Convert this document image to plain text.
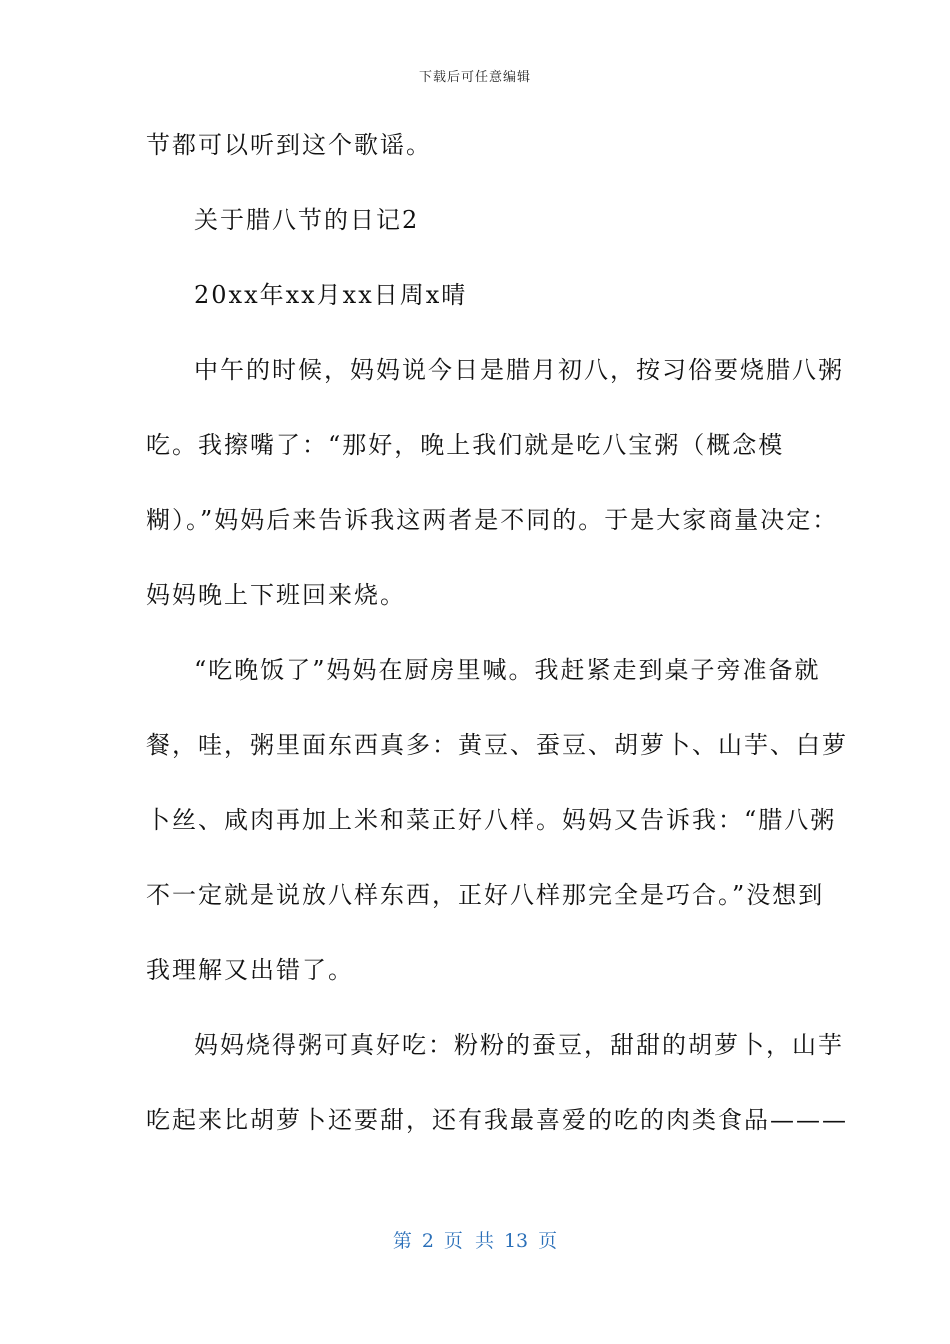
下载后可任意编辑
节都可以听到这个歌谣。
关于腊八节的日记2
20xx年xx月xx日周x晴
中午的时候，妈妈说今日是腊月初八，按习俗要烧腊八粥
吃。我擦嘴了：“那好，晚上我们就是吃八宝粥（概念模
糊）。”妈妈后来告诉我这两者是不同的。于是大家商量决定：
妈妈晚上下班回来烧。
“吃晚饭了”妈妈在厨房里喊。我赶紧走到桌子旁准备就
餐，哇，粥里面东西真多：黄豆、蚕豆、胡萝卜、山芋、白萝
卜丝、咸肉再加上米和菜正好八样。妈妈又告诉我：“腊八粥
不一定就是说放八样东西，正好八样那完全是巧合。”没想到
我理解又出错了。
妈妈烧得粥可真好吃：粉粉的蚕豆，甜甜的胡萝卜，山芋
吃起来比胡萝卜还要甜，还有我最喜爱的吃的肉类食品———
第 2 页 共 13 页
